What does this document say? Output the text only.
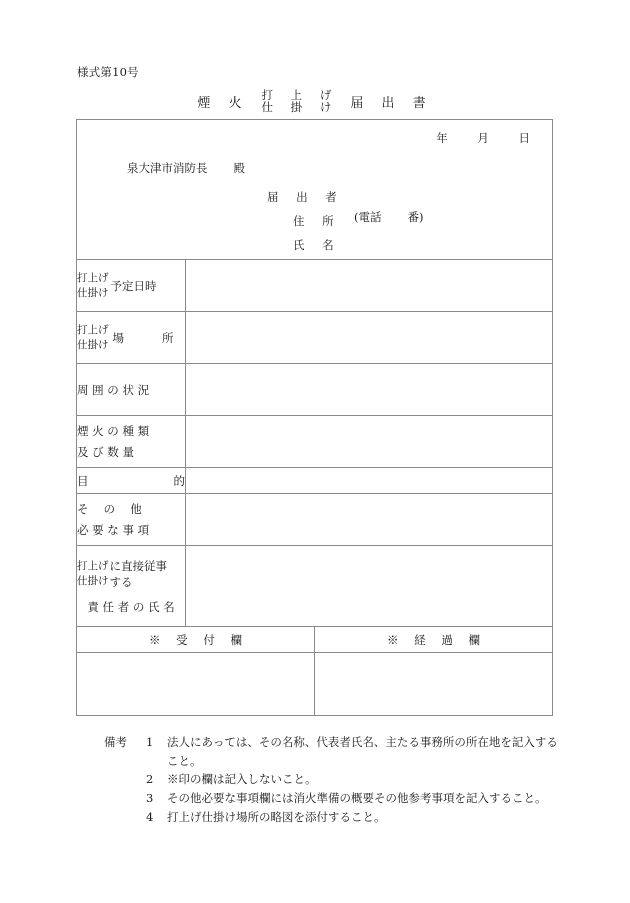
様式第10号
煙 火
打 上 げ
仕 掛 け 届 出 書
年 月 日
泉大津市消防長 殿
届 出 者
住 所
氏 名
(電話 番)

打上げ
仕掛け 予定日時	

打上げ
仕掛け 場　　所	

周 囲 の 状 況	

煙 火 の 種 類
及 び 数 量	

目 的	

そ　 の　 他
必 要 な 事 項	

打上げ
仕掛け
に直接従事
する
責 任 者 の 氏 名	

※ 受 付 欄	※ 経 過 欄

備考 1	法人にあっては、その名称、代表者氏名、主たる事務所の所在地を記入すること。
2	※印の欄は記入しないこと。
3	その他必要な事項欄には消火準備の概要その他参考事項を記入すること。
4	打上げ仕掛け場所の略図を添付すること。
